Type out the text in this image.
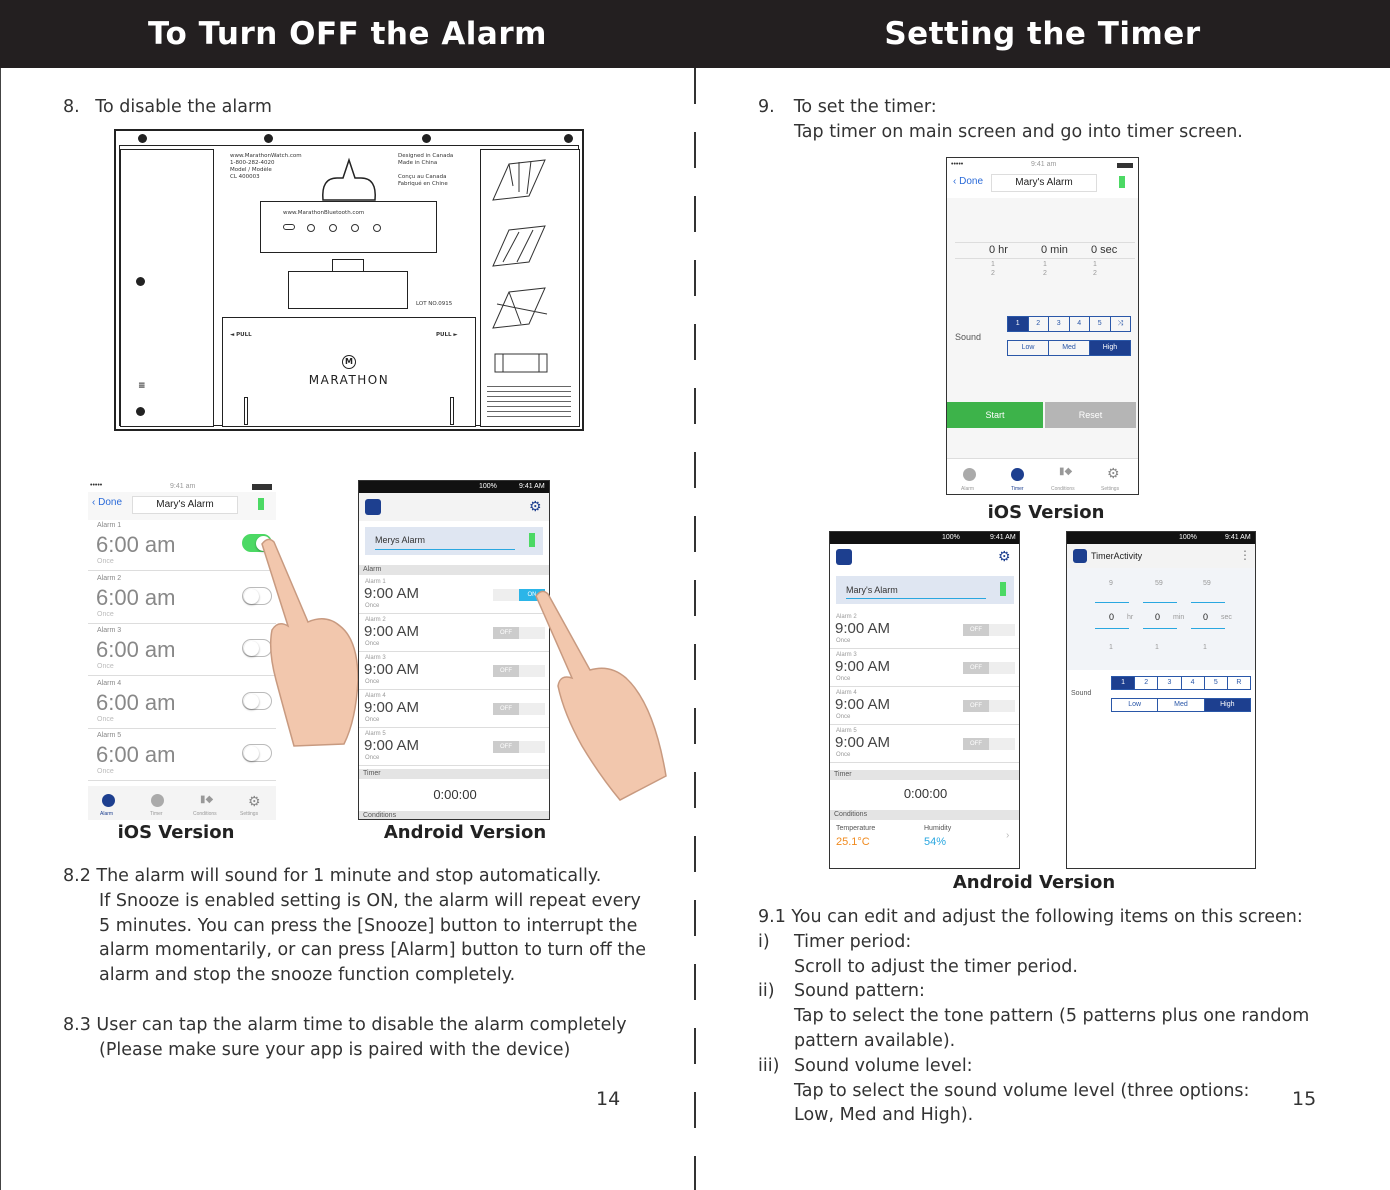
To Turn OFF the Alarm	Setting the Timer
8. To disable the alarm
≡
www.MarathonWatch.com
1-800-282-4020
Model / Modèle
CL 400003
Designed in Canada
Made in China
Conçu au Canada
Fabriqué en Chine
www.MarathonBluetooth.com
LOT NO.0915
◄ PULL	PULL ►
M
MARATHON
•••••	9:41 am
‹ Done	Mary's Alarm
Alarm 1
6:00 am
Once
Alarm 2
6:00 am
Once
Alarm 3
6:00 am
Once
Alarm 4
6:00 am
Once
Alarm 5
6:00 am
Once
▮◆ ⚙
Alarm	Timer	Conditions	Settings
iOS Version
100%	9:41 AM
⚙
Merys Alarm
Alarm
Alarm 1
9:00 AM
Once
ON
Alarm 2
9:00 AM
Once
OFF
Alarm 3
9:00 AM
Once
OFF
Alarm 4
9:00 AM
Once
OFF
Alarm 5
9:00 AM
Once
OFF
Timer
0:00:00
Conditions
Android Version
8.2 The alarm will sound for 1 minute and stop automatically.
If Snooze is enabled setting is ON, the alarm will repeat every
5 minutes. You can press the [Snooze] button to interrupt the
alarm momentarily, or can press [Alarm] button to turn off the
alarm and stop the snooze function completely.
8.3 User can tap the alarm time to disable the alarm completely
(Please make sure your app is paired with the device)
14
9. To set the timer:
Tap timer on main screen and go into timer screen.
•••••	9:41 am
‹ Done	Mary's Alarm
0 hr	0 min 0 sec
1
2
1
2
1
2
Sound
1	2	3	4	5	⤨
Low	Med	High
Start	Reset
▮◆ ⚙
Alarm	Timer	Conditions	Settings
iOS Version
100%	9:41 AM
⚙
Mary's Alarm
Alarm 2
9:00 AM
Once
OFF
Alarm 3
9:00 AM
Once
OFF
Alarm 4
9:00 AM
Once
OFF
Alarm 5
9:00 AM
Once
OFF
Timer
0:00:00
Conditions
Temperature
25.1°C
Humidity
54%
›
100%	9:41 AM
TimerActivity	⋮
9	59	59
0 hr 0 min 0 sec
1	1	1
Sound
1	2	3	4	5	R
Low	Med	High
Android Version
9.1 You can edit and adjust the following items on this screen:
i) Timer period:
Scroll to adjust the timer period.
ii) Sound pattern:
Tap to select the tone pattern (5 patterns plus one random
pattern available).
iii) Sound volume level:
Tap to select the sound volume level (three options:
Low, Med and High).
15
